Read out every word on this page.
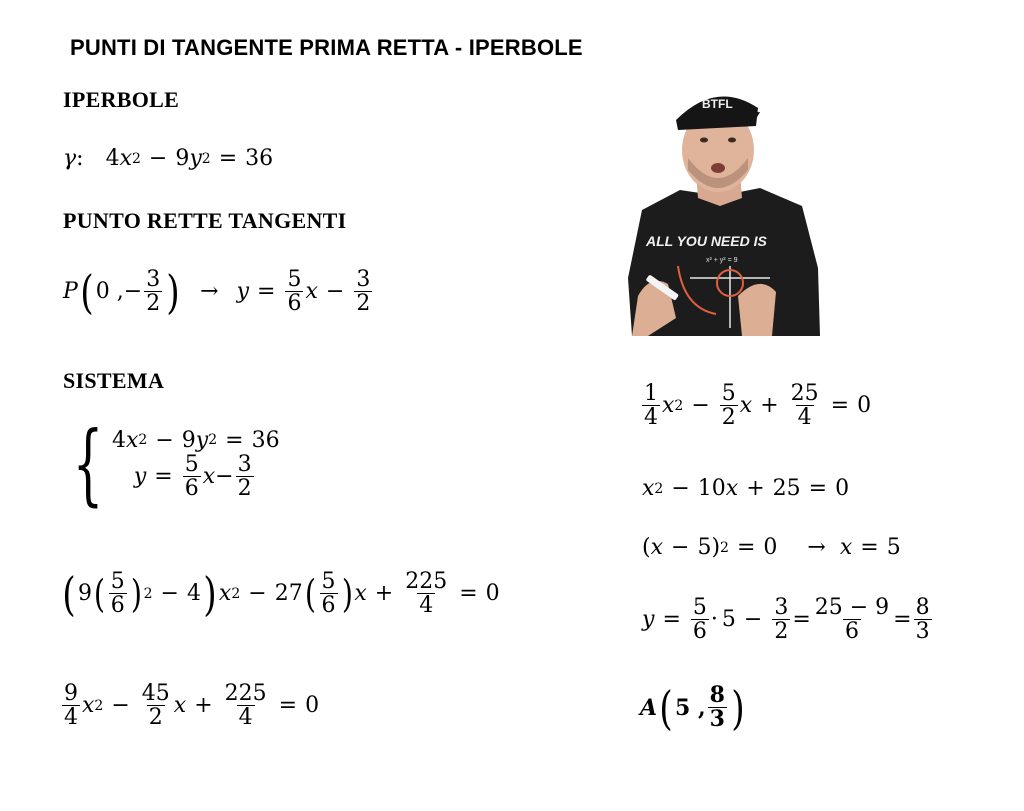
PUNTI DI TANGENTE PRIMA RETTA - IPERBOLE
IPERBOLE
γ : 4 x 2 − 9 y 2 = 36
PUNTO RETTE TANGENTI
P ( 0 ,− $\frac{3}{2}$ ) → $y = \frac{5}{6}$ $x - \frac{3}{2}$
SISTEMA
{ 4 x 2 − 9 y 2 = 36
$y = \frac{5}{6}$ $x - \frac{3}{2}$
( 9 ( $\frac{5}{6}$ ) 2 − 4 ) x 2 − 27 ( $\frac{5}{6}$ ) $x + \frac{225}{4} = 0$
$\frac{9}{4}$ x $2 - \frac{45}{2}$ $x + \frac{225}{4} = 0$
BTFL
ALL YOU NEED IS
x² + y² = 9
$\frac{1}{4}$ x $2 - \frac{5}{2}$ $x + \frac{25}{4} = 0$
x 2 − 10 x + 25 = 0
( x − 5) 2 = 0 → x = 5
$y = \frac{5}{6} \cdot 5 - \frac{3}{2} = \frac{25 - 9}{6} = \frac{8}{3}$
A ( 5 , $\frac{8}{3}$ )
